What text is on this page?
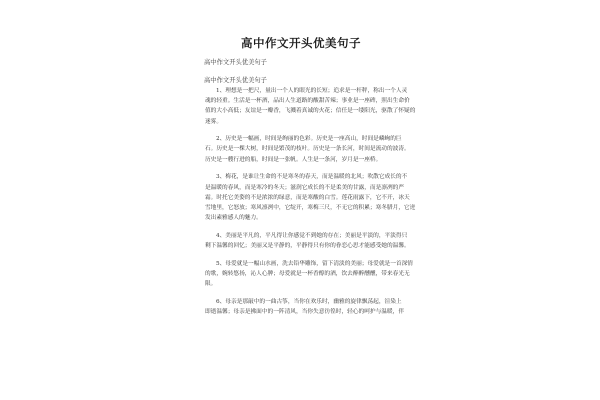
高中作文开头优美句子
高中作文开头优美句子
高中作文开头优美句子
1、理想是一把尺，量出一个人的眼光的长短；追求是一杆秤，称出一个人灵
魂的轻重。生活是一杯酒，品出人生道路的酸甜苦辣；事业是一座碑，照出生命价
值的大小高低；友谊是一瓣香，飞溅着真诚的火花；信任是一缕阳光，驱散了怀疑的
迷雾。
2、历史是一幅画，时间是绚丽的色彩。历史是一座高山，时间是嶙峋的巨
石。历史是一棵大树，时间是繁茂的枝叶。历史是一条长河，时间是流动的波涛。
历史是一艘行进的船，时间是一张帆。人生是一条河，岁月是一座桥。
3、梅花，是谁让生命的不是寒冬的春天，而是温暖的北风；吹散它成长的不
是温暖的春风，而是寒冷的冬天；滋润它成长的不是柔美的甘露，而是凛冽的严
霜。时托它美姿的不是浓浓的绿意，而是寒酸的白雪。莲花雨露下，它不开，冰天
雪地里，它怒放；寒风凛冽中，它绽开，寒梅三尺，不无它的积累；寒冬腊月，它迸
发出素雅感人的魅力。
4、美丽是平凡的，平凡得让你感觉不到她的存在；美丽是平淡的，平淡得只
剩下温馨的回忆；美丽又是平静的，平静得只有你的眷恋心思才能感受她的温馨。
5、母爱就是一幅山水画，洗去铅华雕饰，留下清淡的美丽；母爱就是一首深情
的歌，婉转悠扬，沁人心脾；母爱就是一杯香醇的酒，饮去醉醉醺醺，带来春光无
限。
6、母亲是那敲中的一曲古筝，当你在欢乐时，幽雅的旋律飘荡起，渲染上
即逝温馨；母亲是拂面中的一阵清风，当你失意彷徨时，轻心的呵护与温暖，伴
